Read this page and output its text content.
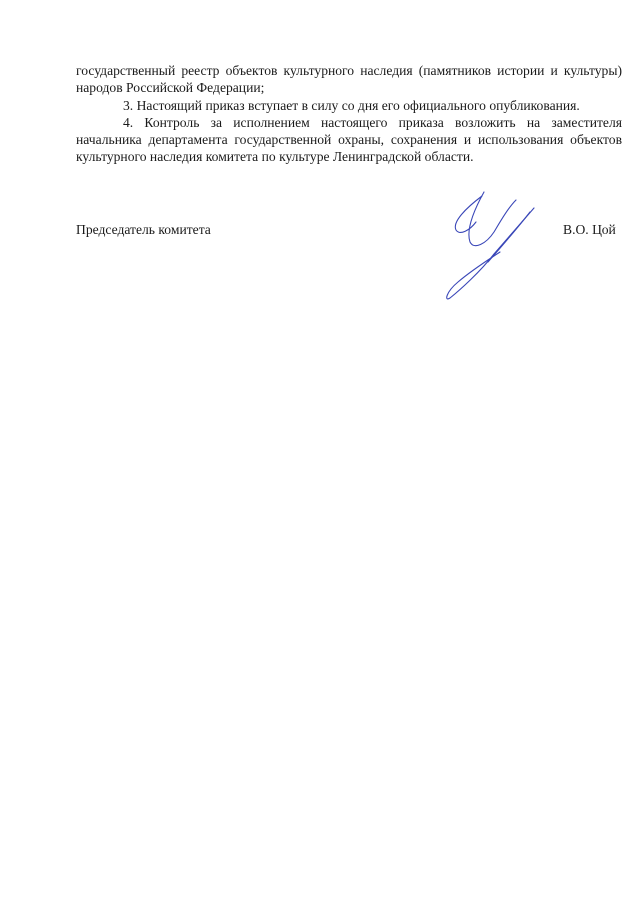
государственный реестр объектов культурного наследия (памятников истории и культуры) народов Российской Федерации;

3. Настоящий приказ вступает в силу со дня его официального опубликования.

4. Контроль за исполнением настоящего приказа возложить на заместителя начальника департамента государственной охраны, сохранения и использования объектов культурного наследия комитета по культуре Ленинградской области.

Председатель комитета	В.О. Цой
